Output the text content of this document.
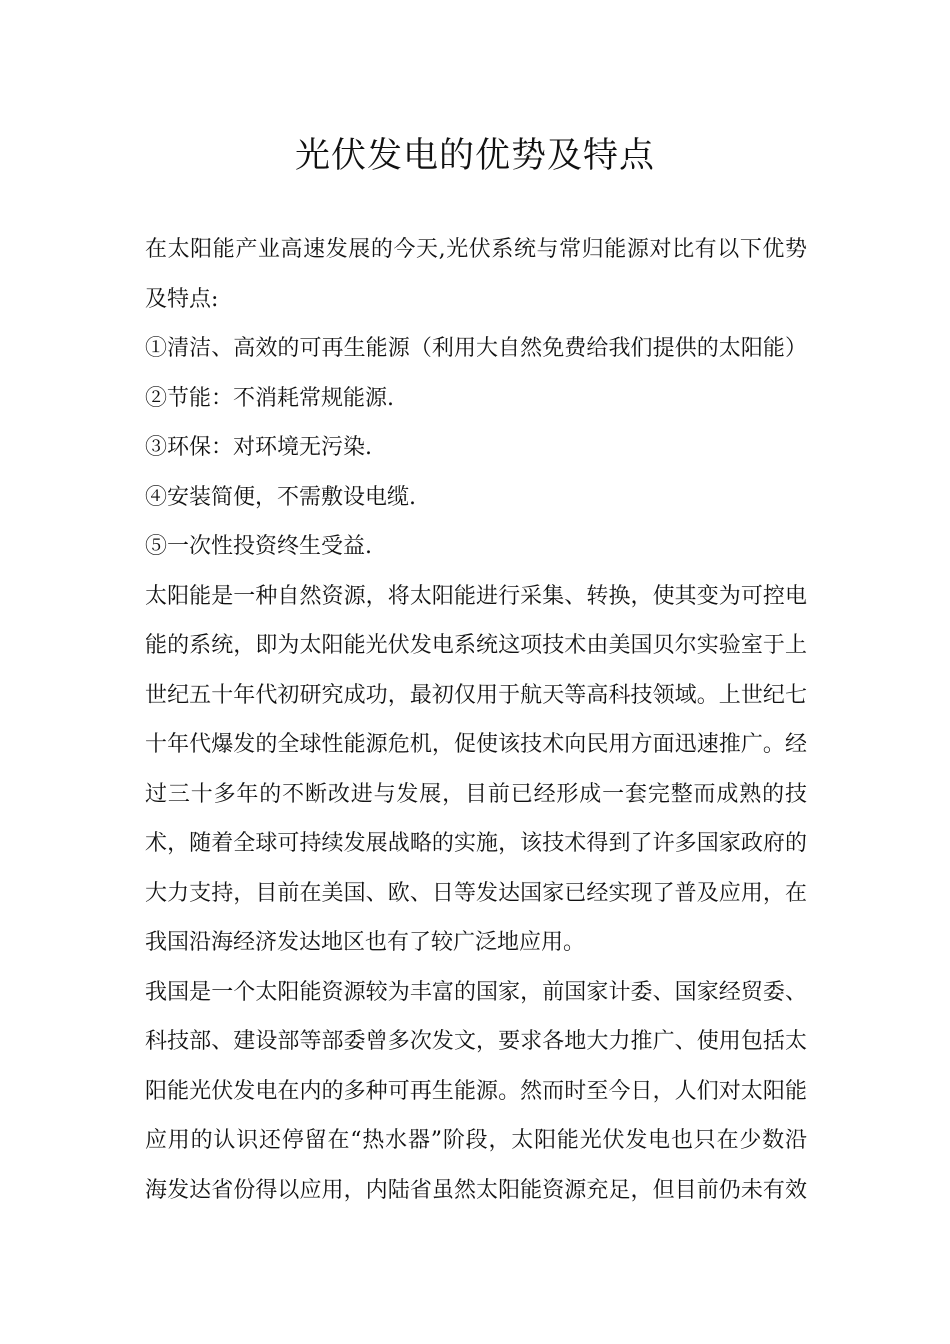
光伏发电的优势及特点
在太阳能产业高速发展的今天,光伏系统与常归能源对比有以下优势
及特点:
①清洁、高效的可再生能源（利用大自然免费给我们提供的太阳能）
②节能：不消耗常规能源.
③环保：对环境无污染.
④安装简便，不需敷设电缆.
⑤一次性投资终生受益.
太阳能是一种自然资源，将太阳能进行采集、转换，使其变为可控电
能的系统，即为太阳能光伏发电系统这项技术由美国贝尔实验室于上
世纪五十年代初研究成功，最初仅用于航天等高科技领域。上世纪七
十年代爆发的全球性能源危机，促使该技术向民用方面迅速推广。经
过三十多年的不断改进与发展，目前已经形成一套完整而成熟的技
术，随着全球可持续发展战略的实施，该技术得到了许多国家政府的
大力支持，目前在美国、欧、日等发达国家已经实现了普及应用，在
我国沿海经济发达地区也有了较广泛地应用。
我国是一个太阳能资源较为丰富的国家，前国家计委、国家经贸委、
科技部、建设部等部委曾多次发文，要求各地大力推广、使用包括太
阳能光伏发电在内的多种可再生能源。然而时至今日，人们对太阳能
应用的认识还停留在“热水器”阶段，太阳能光伏发电也只在少数沿
海发达省份得以应用，内陆省虽然太阳能资源充足，但目前仍未有效
